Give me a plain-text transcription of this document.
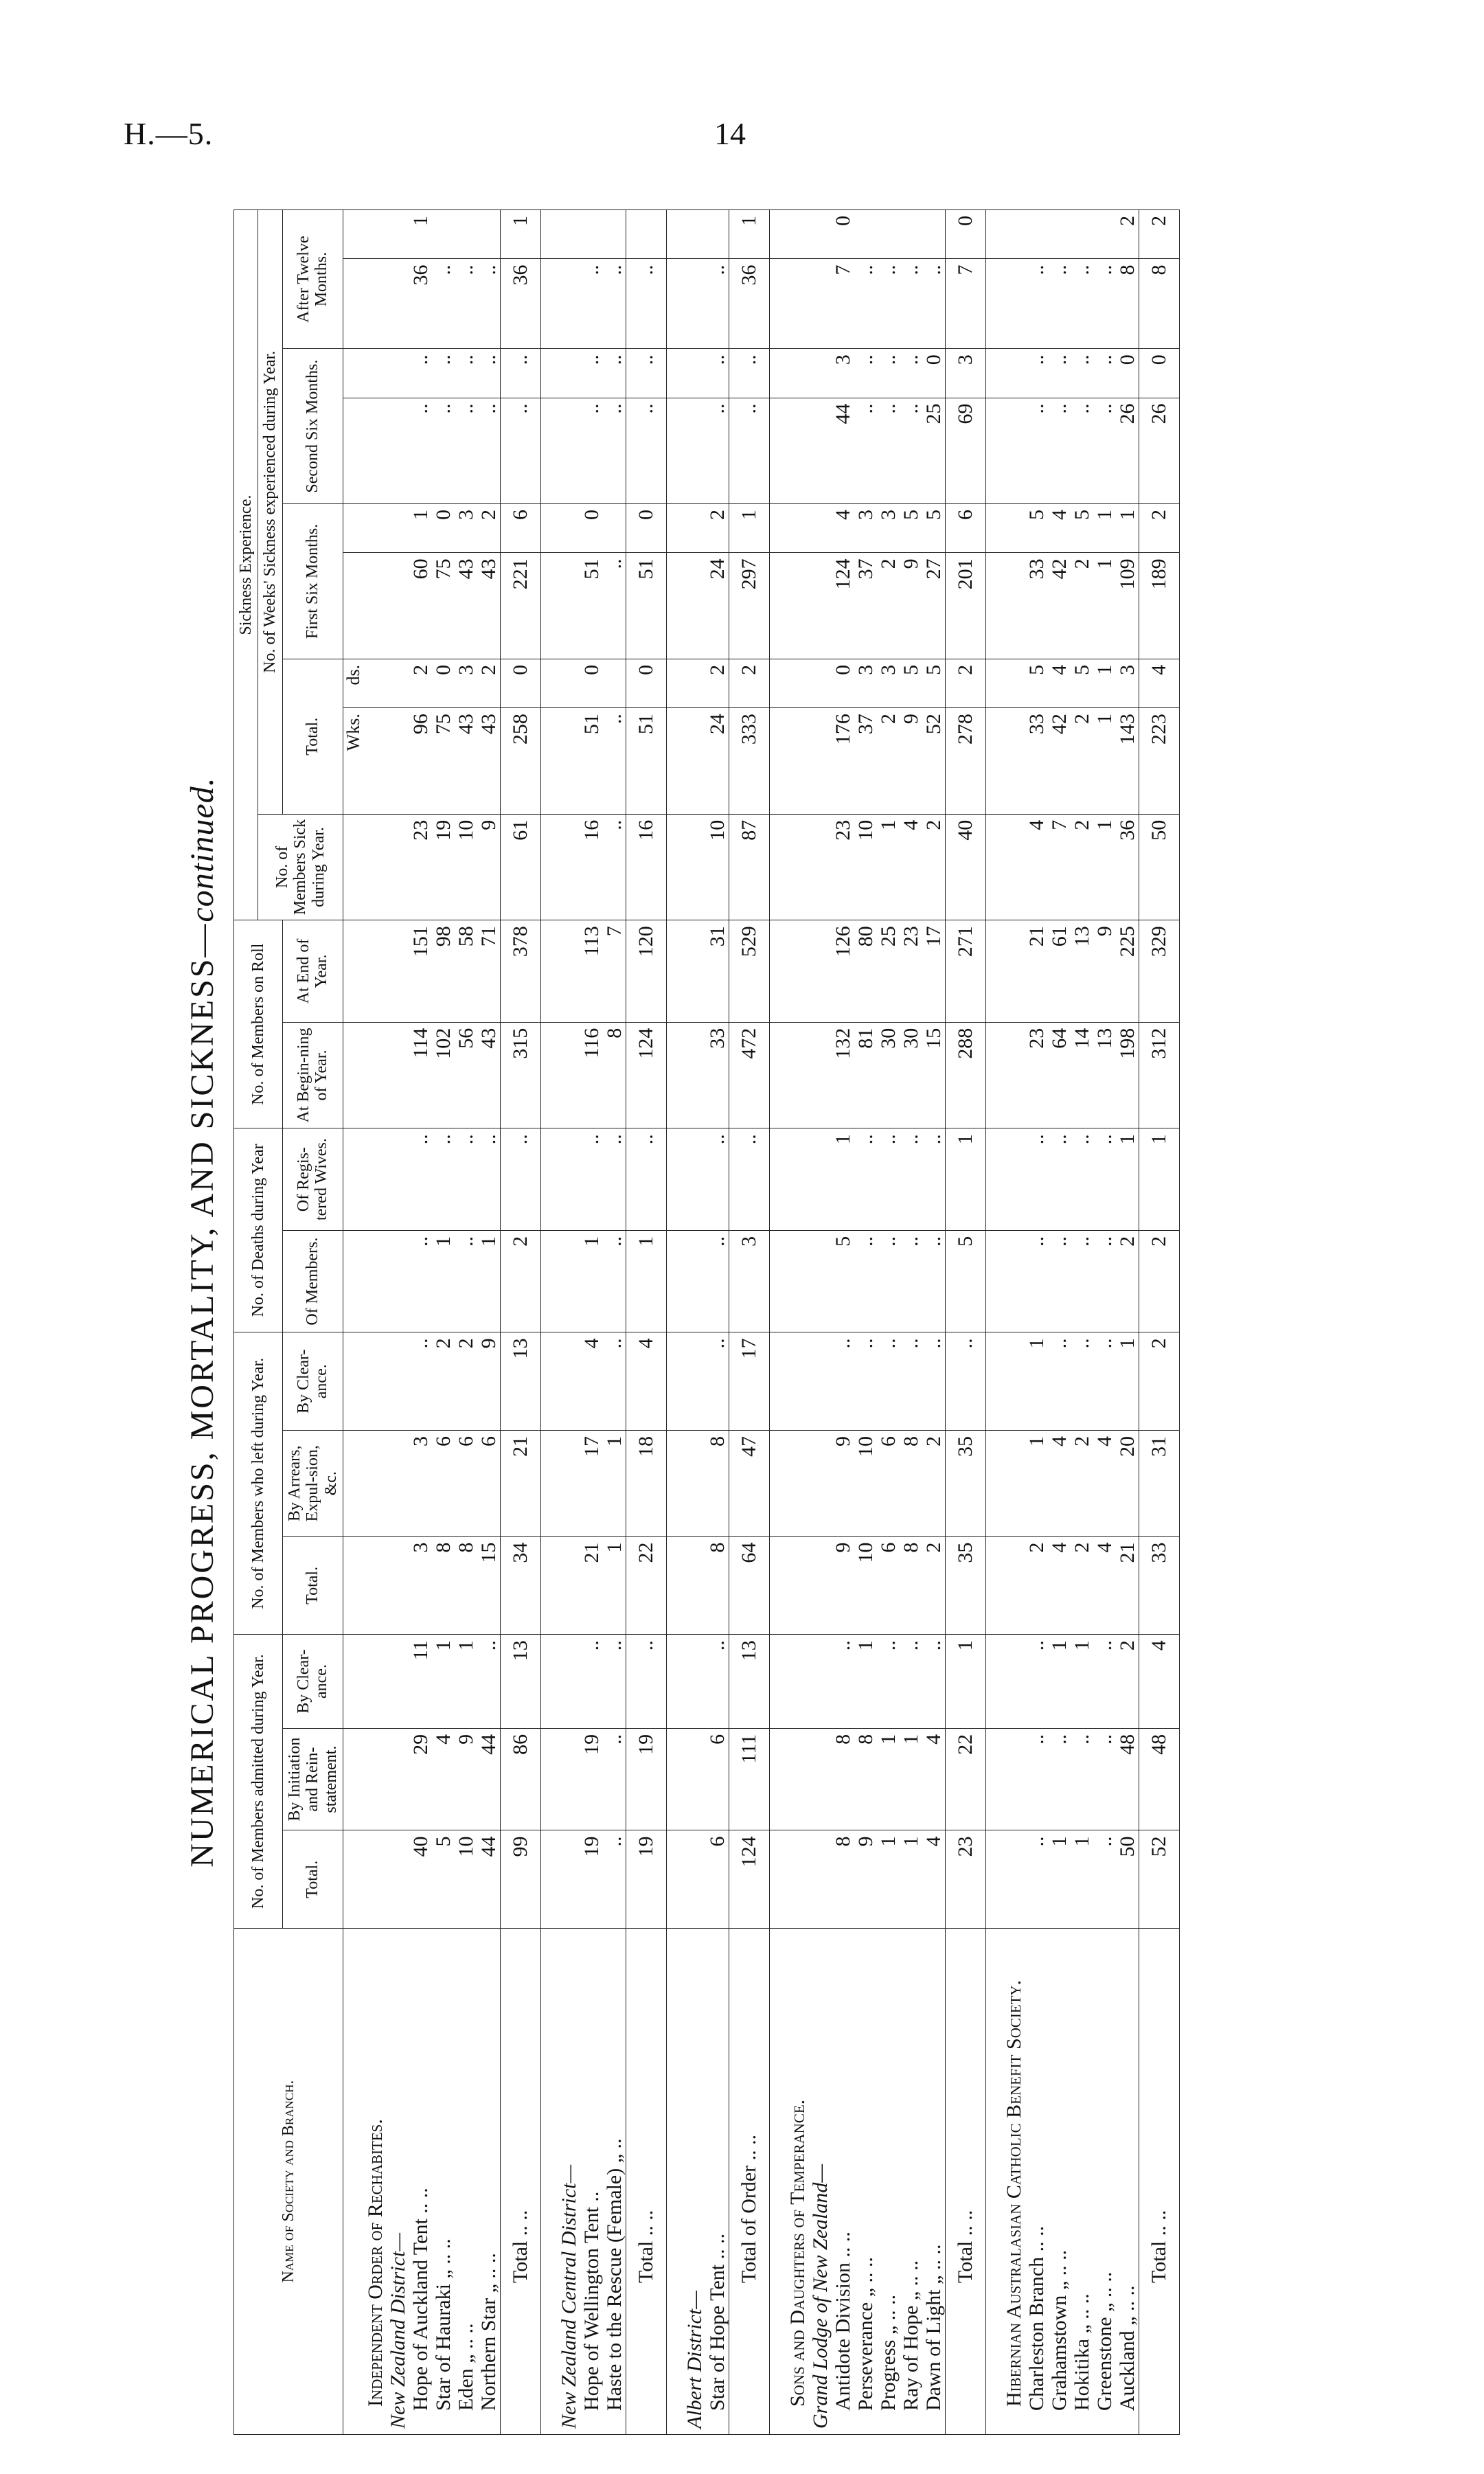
H.—5.	14
NUMERICAL PROGRESS, MORTALITY, AND SICKNESS—continued.
Name of Society and Branch.	No. of Members admitted during Year.			No. of Members who left during Year.			No. of Deaths during Year		No. of Members on Roll		Sickness Experience.								
											No. of Members Sick during Year.	No. of Weeks' Sickness experienced during Year.							
	Total.	By Initiation and Rein-statement.	By Clear-ance.	Total.	By Arrears, Expul-sion, &c.	By Clear-ance.	Of Members.	Of Regis-tered Wives.	At Begin-ning of Year.	At End of Year.		Total.		First Six Months.		Second Six Months.		After Twelve Months.	
												Wks.	ds.						
Independent Order of Rechabites.																			
New Zealand District—																			
Hope of Auckland Tent .. ..	40	29	11	3	3	..	..	..	114	151	23	96	2	60	1	..	..	36	1
Star of Hauraki „ .. ..	5	4	1	8	6	2	1	..	102	98	19	75	0	75	0	..	..	..	
Eden „ .. ..	10	9	1	8	6	2	..	..	56	58	10	43	3	43	3	..	..	..	
Northern Star „ .. ..	44	44	..	15	6	9	1	..	43	71	9	43	2	43	2	..	..	..	
Total .. ..	99	86	13	34	21	13	2	..	315	378	61	258	0	221	6	..	..	36	1

New Zealand Central District—																			
Hope of Wellington Tent ..	19	19	..	21	17	4	1	..	116	113	16	51	0	51	0	..	..	..	
Haste to the Rescue (Female) „ ..	..	..	..	1	1	..	..	..	8	7	..	..		..		..	..	..	
Total .. ..	19	19	..	22	18	4	1	..	124	120	16	51	0	51	0	..	..	..	

Albert District—																			
Star of Hope Tent .. ..	6	6	..	8	8	..	..	..	33	31	10	24	2	24	2	..	..	..	
Total of Order .. ..	124	111	13	64	47	17	3	..	472	529	87	333	2	297	1	..	..	36	1

Sons and Daughters of Temperance.																			
Grand Lodge of New Zealand—																			
Antidote Division .. ..	8	8	..	9	9	..	5	1	132	126	23	176	0	124	4	44	3	7	0
Perseverance „ .. ..	9	8	1	10	10	..	..	..	81	80	10	37	3	37	3	..	..	..	
Progress „ .. ..	1	1	..	6	6	..	..	..	30	25	1	2	3	2	3	..	..	..	
Ray of Hope „ .. ..	1	1	..	8	8	..	..	..	30	23	4	9	5	9	5	..	..	..	
Dawn of Light „ .. ..	4	4	..	2	2	..	..	..	15	17	2	52	5	27	5	25	0	..	
Total .. ..	23	22	1	35	35	..	5	1	288	271	40	278	2	201	6	69	3	7	0

Hibernian Australasian Catholic Benefit Society.																			
Charleston Branch .. ..	..	..	..	2	1	1	..	..	23	21	4	33	5	33	5	..	..	..	
Grahamstown „ .. ..	1	..	1	4	4	..	..	..	64	61	7	42	4	42	4	..	..	..	
Hokitika „ .. ..	1	..	1	2	2	..	..	..	14	13	2	2	5	2	5	..	..	..	
Greenstone „ .. ..	..	..	..	4	4	..	..	..	13	9	1	1	1	1	1	..	..	..	
Auckland „ .. ..	50	48	2	21	20	1	2	1	198	225	36	143	3	109	1	26	0	8	2
Total .. ..	52	48	4	33	31	2	2	1	312	329	50	223	4	189	2	26	0	8	2
